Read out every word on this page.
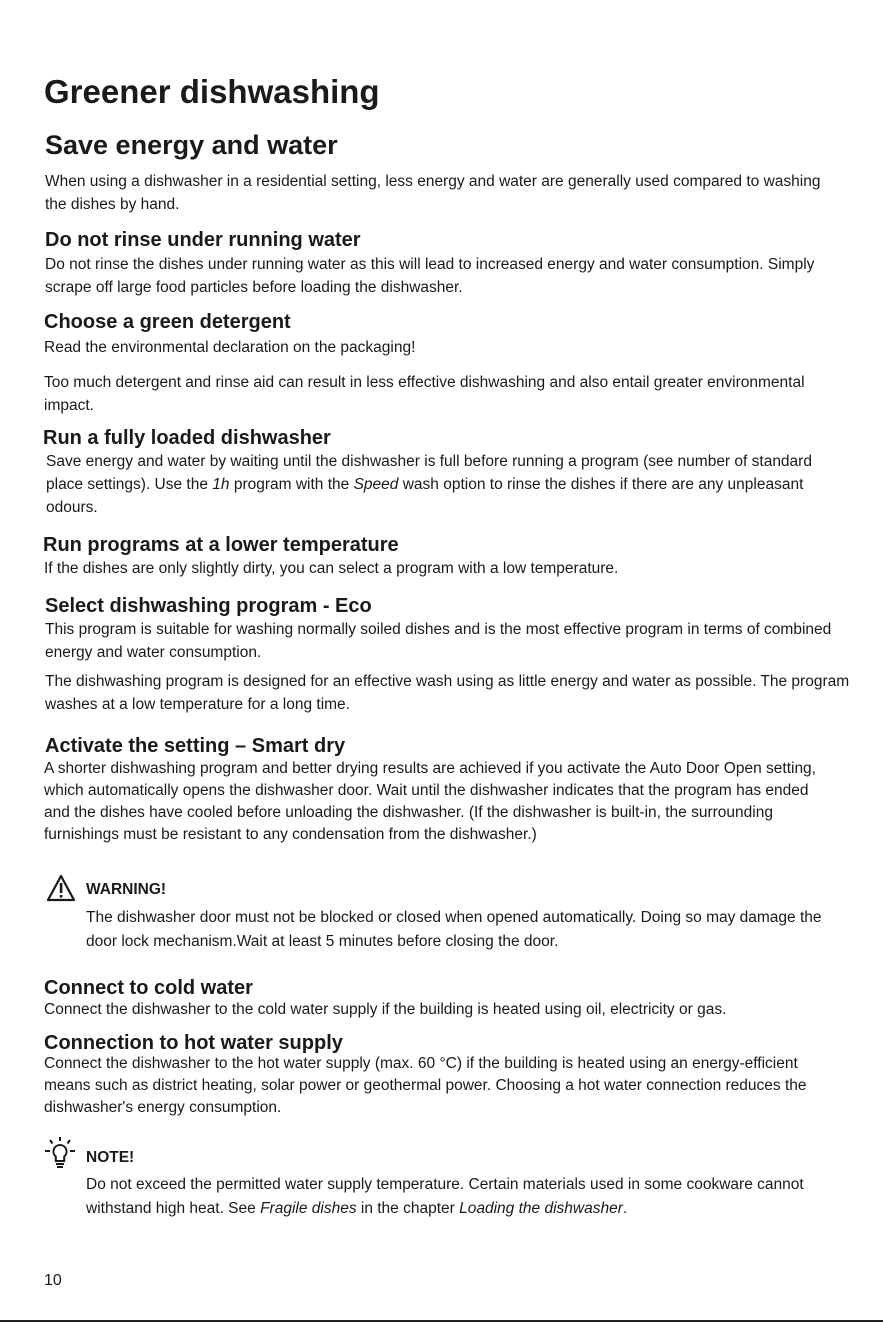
Greener dishwashing
Save energy and water
When using a dishwasher in a residential setting, less energy and water are generally used compared to washing the dishes by hand.
Do not rinse under running water
Do not rinse the dishes under running water as this will lead to increased energy and water consumption. Simply scrape off large food particles before loading the dishwasher.
Choose a green detergent
Read the environmental declaration on the packaging!
Too much detergent and rinse aid can result in less effective dishwashing and also entail greater environmental impact.
Run a fully loaded dishwasher
Save energy and water by waiting until the dishwasher is full before running a program (see number of standard place settings). Use the 1h program with the Speed wash option to rinse the dishes if there are any unpleasant odours.
Run programs at a lower temperature
If the dishes are only slightly dirty, you can select a program with a low temperature.
Select dishwashing program - Eco
This program is suitable for washing normally soiled dishes and is the most effective program in terms of combined energy and water consumption.
The dishwashing program is designed for an effective wash using as little energy and water as possible. The program washes at a low temperature for a long time.
Activate the setting – Smart dry
A shorter dishwashing program and better drying results are achieved if you activate the Auto Door Open setting, which automatically opens the dishwasher door. Wait until the dishwasher indicates that the program has ended and the dishes have cooled before unloading the dishwasher. (If the dishwasher is built-in, the surrounding furnishings must be resistant to any condensation from the dishwasher.)
WARNING!
The dishwasher door must not be blocked or closed when opened automatically. Doing so may damage the door lock mechanism.Wait at least 5 minutes before closing the door.
Connect to cold water
Connect the dishwasher to the cold water supply if the building is heated using oil, electricity or gas.
Connection to hot water supply
Connect the dishwasher to the hot water supply (max. 60 °C) if the building is heated using an energy-efficient means such as district heating, solar power or geothermal power. Choosing a hot water connection reduces the dishwasher's energy consumption.
NOTE!
Do not exceed the permitted water supply temperature. Certain materials used in some cookware cannot withstand high heat. See Fragile dishes in the chapter Loading the dishwasher.
10
